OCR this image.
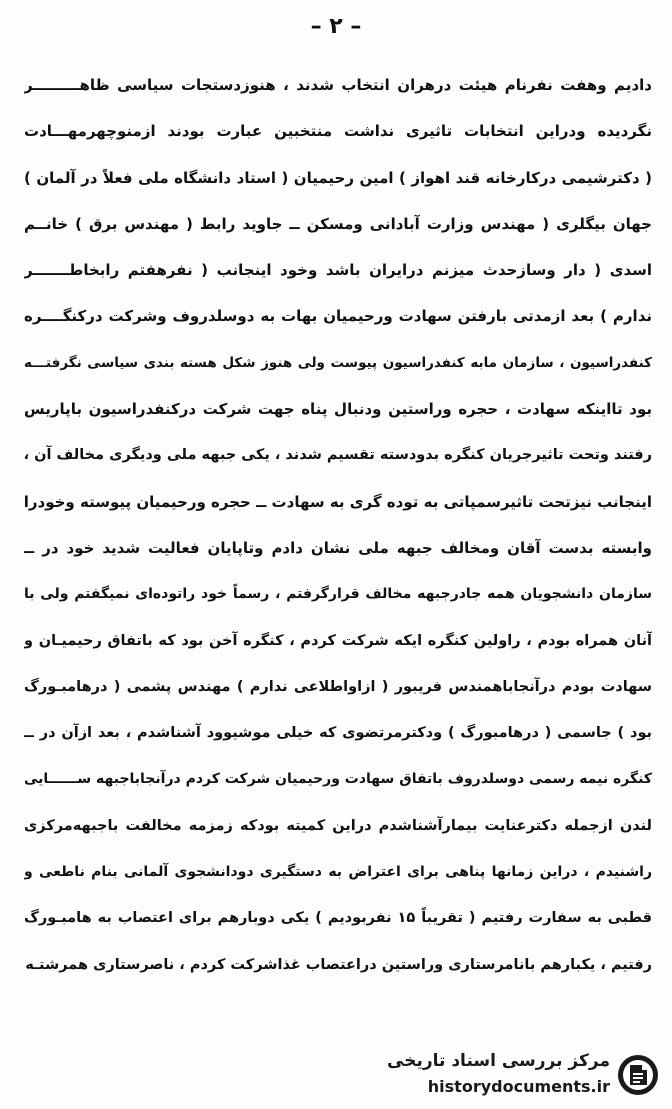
– ۲ –
دادیم وهفت نفرنام هیئت درهران انتخاب شدند ، هنوزدستجات سیاسی ظاهـــــــــر
نگردیده ودراین انتخابات تاثیری نداشت منتخبین عبارت بودند ازمنوچهرمهـــادت
( دکترشیمی درکارخانه قند اهواز ) امین رحیمیان ( استاد دانشگاه ملی فعلاً در آلمان )
جهان بیگلری ( مهندس وزارت آبادانی ومسکن ــ جاوید رابط ( مهندس برق ) خانــم
اسدی ( دار وسازحدث میزنم درایران باشد وخود اینجانب ( نفرهفتم رابخاطـــــــر
ندارم ) بعد ازمدتی بارفتن سهادت ورحیمیان بهات به دوسلدروف وشرکت درکنگــــره
کنفدراسیون ، سازمان مابه کنفدراسیون پیوست ولی هنوز شکل هسته بندی سیاسی نگرفتـــه
بود تااینکه سهادت ، حجره وراستین ودنبال پناه جهت شرکت درکنفدراسیون باپاریس
رفتند وتحت تاثیرجریان کنگره بدودسته تقسیم شدند ، یکی جبهه ملی ودیگری مخالف آن ،
اینجانب نیزتحت تاثیرسمپاتی به توده گری به سهادت ــ حجره ورحیمیان پیوسته وخودرا
وابسته بدست آقان ومخالف جبهه ملی نشان دادم وتاپایان فعالیت شدید خود در ــ
سازمان دانشجویان همه جادرجبهه مخالف قرارگرفتم ، رسماً خود راتوده‌ای نمیگفتم ولی با
آنان همراه بودم ، راولین کنگره ایکه شرکت کردم ، کنگره آخن بود که باتفاق رحیمیـان و
سهادت بودم درآنجاباهمندس فریبور ( ازاواطلاعی ندارم ) مهندس پشمی ( درهامبـورگ
بود ) جاسمی ( درهامبورگ ) ودکترمرتضوی که خیلی موشیوود آشناشدم ، بعد ازآن در ــ
کنگره نیمه رسمی دوسلدروف باتفاق سهادت ورحیمیان شرکت کردم درآنجاباجبهه ســــــایی
لندن ازجمله دکترعنایت بیمارآشناشدم دراین کمیته بودکه زمزمه مخالفت باجبهه‌مرکزی
راشنیدم ، دراین زمانها پناهی برای اعتراض به دستگیری دودانشجوی آلمانی بنام ناطعی و
قطبی به سفارت رفتیم ( تقریباً ۱۵ نفربودیم ) یکی دوبارهم برای اعتصاب به هامبـورگ
رفتیم ، یکبارهم بانامرستاری وراستین دراعتصاب غذاشرکت کردم ، ناصرستاری همرشتـه
مرکز بررسی اسناد تاریخی
historydocuments.ir
